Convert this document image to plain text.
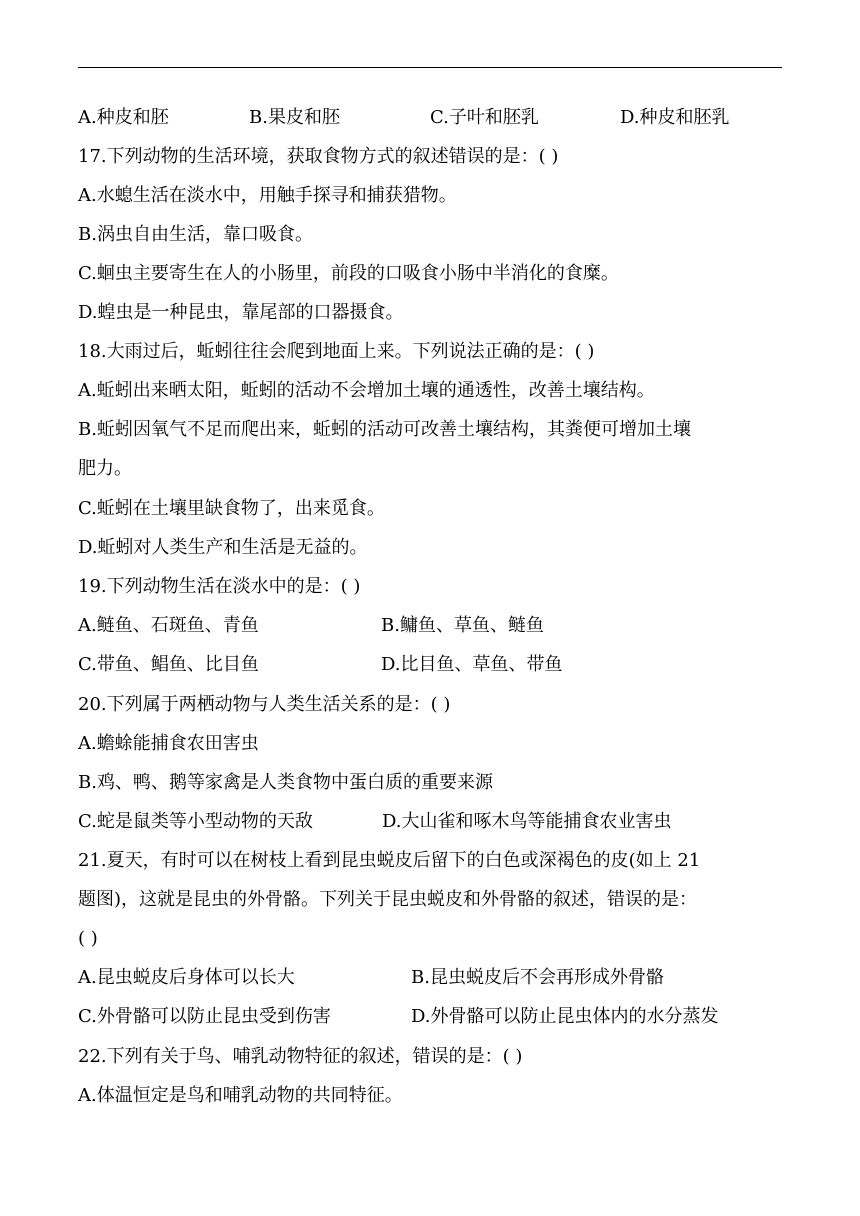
A.种皮和胚	B.果皮和胚	C.子叶和胚乳	D.种皮和胚乳
17.下列动物的生活环境，获取食物方式的叙述错误的是：( )
A.水螅生活在淡水中，用触手探寻和捕获猎物。
B.涡虫自由生活，靠口吸食。
C.蛔虫主要寄生在人的小肠里，前段的口吸食小肠中半消化的食糜。
D.蝗虫是一种昆虫，靠尾部的口器摄食。
18.大雨过后，蚯蚓往往会爬到地面上来。下列说法正确的是：( )
A.蚯蚓出来晒太阳，蚯蚓的活动不会增加土壤的通透性，改善土壤结构。
B.蚯蚓因氧气不足而爬出来，蚯蚓的活动可改善土壤结构，其粪便可增加土壤
肥力。
C.蚯蚓在土壤里缺食物了，出来觅食。
D.蚯蚓对人类生产和生活是无益的。
19.下列动物生活在淡水中的是：( )
A.鲢鱼、石斑鱼、青鱼	B.鳙鱼、草鱼、鲢鱼
C.带鱼、鲳鱼、比目鱼	D.比目鱼、草鱼、带鱼
20.下列属于两栖动物与人类生活关系的是：( )
A.蟾蜍能捕食农田害虫
B.鸡、鸭、鹅等家禽是人类食物中蛋白质的重要来源
C.蛇是鼠类等小型动物的天敌	D.大山雀和啄木鸟等能捕食农业害虫
21.夏天，有时可以在树枝上看到昆虫蜕皮后留下的白色或深褐色的皮(如上 21
题图)，这就是昆虫的外骨骼。下列关于昆虫蜕皮和外骨骼的叙述，错误的是：
( )
A.昆虫蜕皮后身体可以长大	B.昆虫蜕皮后不会再形成外骨骼
C.外骨骼可以防止昆虫受到伤害	D.外骨骼可以防止昆虫体内的水分蒸发
22.下列有关于鸟、哺乳动物特征的叙述，错误的是：( )
A.体温恒定是鸟和哺乳动物的共同特征。
